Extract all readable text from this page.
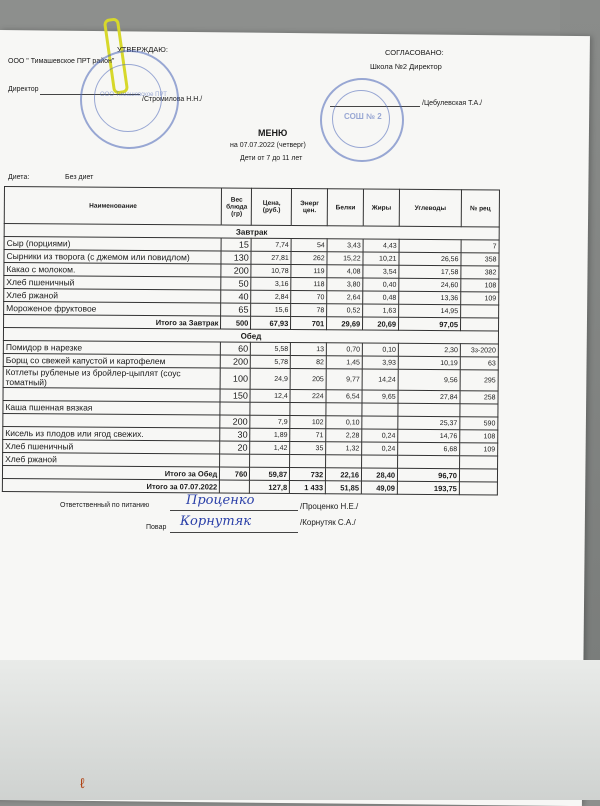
УТВЕРЖДАЮ:
ООО " Тимашевское ПРТ район"
Директор
/Стромилова Н.Н./
СОГЛАСОВАНО:
Школа №2 Директор
/Цебулевская Т.А./
ООО Тимашевское ПРТ
СОШ № 2
МЕНЮ
на 07.07.2022 (четверг)
Дети от 7 до 11 лет
Диета:	Без диет
Наименование	Вес блюда (гр)	Цена, (руб.)	Энерг цен.	Белки	Жиры	Углеводы	№ рец
Завтрак							
Сыр (порциями)	15	7,74	54	3,43	4,43		7
Сырники из творога (с джемом или повидлом)	130	27,81	262	15,22	10,21	26,56	358
Какао с молоком.	200	10,78	119	4,08	3,54	17,58	382
Хлеб пшеничный	50	3,16	118	3,80	0,40	24,60	108
Хлеб ржаной	40	2,84	70	2,64	0,48	13,36	109
Мороженое фруктовое	65	15,6	78	0,52	1,63	14,95	
Итого за Завтрак	500	67,93	701	29,69	20,69	97,05	
Обед							
Помидор в нарезке	60	5,58	13	0,70	0,10	2,30	3з-2020
Борщ со свежей капустой и картофелем	200	5,78	82	1,45	3,93	10,19	63
Котлеты рубленые из бройлер-цыплят (соус томатный)	100	24,9	205	9,77	14,24	9,56	295
	150	12,4	224	6,54	9,65	27,84	258
Каша пшенная вязкая							
	200	7,9	102	0,10		25,37	590
Кисель из плодов или ягод свежих.	30	1,89	71	2,28	0,24	14,76	108
Хлеб пшеничный	20	1,42	35	1,32	0,24	6,68	109
Хлеб ржаной							
Итого за Обед	760	59,87	732	22,16	28,40	96,70	
Итого за 07.07.2022		127,8	1 433	51,85	49,09	193,75	
Ответственный по питанию	Проценко	/Проценко Н.Е./
Повар Корнутяк	/Корнутяк С.А./
ℓ
